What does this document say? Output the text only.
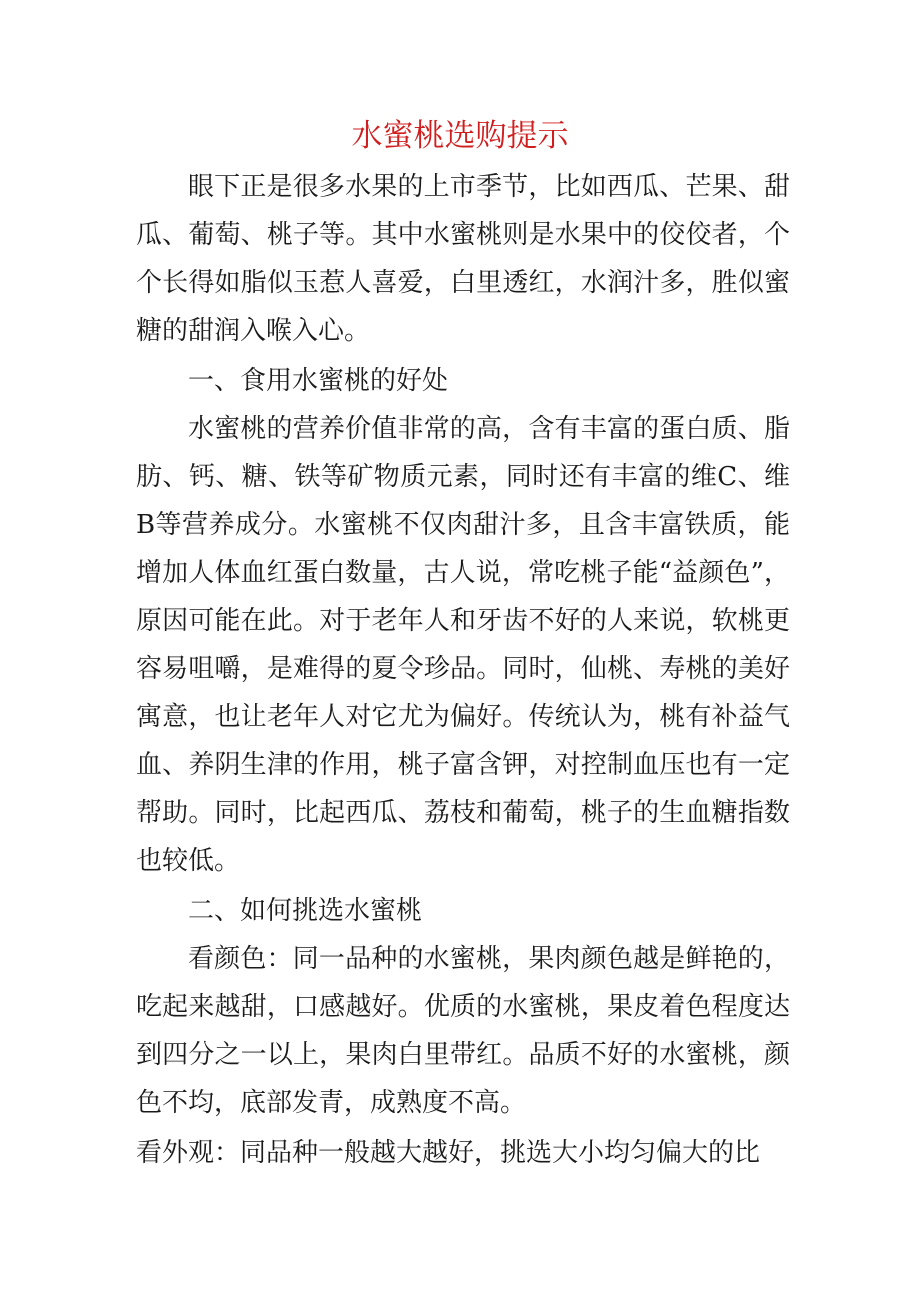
水蜜桃选购提示

眼下正是很多水果的上市季节，比如西瓜、芒果、甜瓜、葡萄、桃子等。其中水蜜桃则是水果中的佼佼者，个个长得如脂似玉惹人喜爱，白里透红，水润汁多，胜似蜜糖的甜润入喉入心。

一、食用水蜜桃的好处

水蜜桃的营养价值非常的高，含有丰富的蛋白质、脂肪、钙、糖、铁等矿物质元素，同时还有丰富的维C、维B等营养成分。水蜜桃不仅肉甜汁多，且含丰富铁质，能增加人体血红蛋白数量，古人说，常吃桃子能“益颜色”，原因可能在此。对于老年人和牙齿不好的人来说，软桃更容易咀嚼，是难得的夏令珍品。同时，仙桃、寿桃的美好寓意，也让老年人对它尤为偏好。传统认为，桃有补益气血、养阴生津的作用，桃子富含钾，对控制血压也有一定帮助。同时，比起西瓜、荔枝和葡萄，桃子的生血糖指数也较低。

二、如何挑选水蜜桃

看颜色：同一品种的水蜜桃，果肉颜色越是鲜艳的，吃起来越甜，口感越好。优质的水蜜桃，果皮着色程度达到四分之一以上，果肉白里带红。品质不好的水蜜桃，颜色不均，底部发青，成熟度不高。

看外观：同品种一般越大越好，挑选大小均匀偏大的比
